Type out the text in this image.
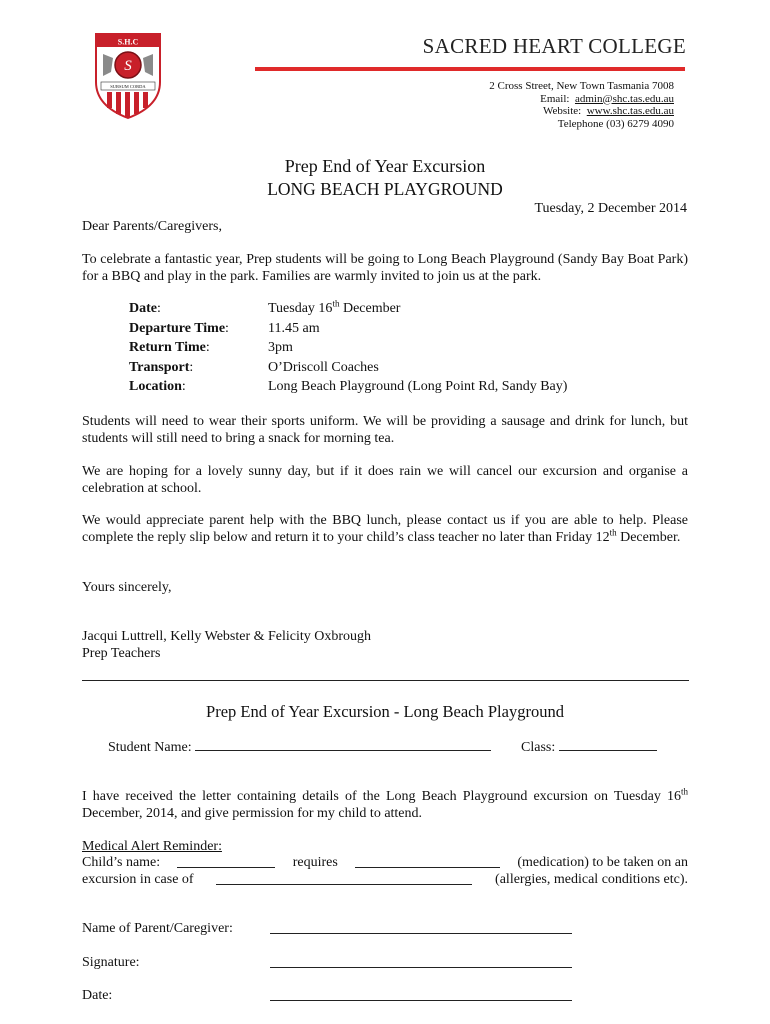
S.H.C
S
SURSUM CORDA
SACRED HEART COLLEGE
2 Cross Street, New Town Tasmania 7008
Email: admin@shc.tas.edu.au
Website: www.shc.tas.edu.au
Telephone (03) 6279 4090
Prep End of Year Excursion
LONG BEACH PLAYGROUND
Tuesday, 2 December 2014
Dear Parents/Caregivers,
To celebrate a fantastic year, Prep students will be going to Long Beach Playground (Sandy Bay Boat Park) for a BBQ and play in the park. Families are warmly invited to join us at the park.
Date:	Tuesday 16th December
Departure Time:	11.45 am
Return Time:	3pm
Transport:	O’Driscoll Coaches
Location:	Long Beach Playground (Long Point Rd, Sandy Bay)
Students will need to wear their sports uniform. We will be providing a sausage and drink for lunch, but students will still need to bring a snack for morning tea.
We are hoping for a lovely sunny day, but if it does rain we will cancel our excursion and organise a celebration at school.
We would appreciate parent help with the BBQ lunch, please contact us if you are able to help. Please complete the reply slip below and return it to your child’s class teacher no later than Friday 12th December.
Yours sincerely,
Jacqui Luttrell, Kelly Webster & Felicity Oxbrough
Prep Teachers
Prep End of Year Excursion - Long Beach Playground
Student Name:	Class:
I have received the letter containing details of the Long Beach Playground excursion on Tuesday 16th December, 2014, and give permission for my child to attend.
Medical Alert Reminder:
Child’s name:	requires	(medication) to be taken on an
excursion in case of	(allergies, medical conditions etc).
Name of Parent/Caregiver:
Signature:
Date:
